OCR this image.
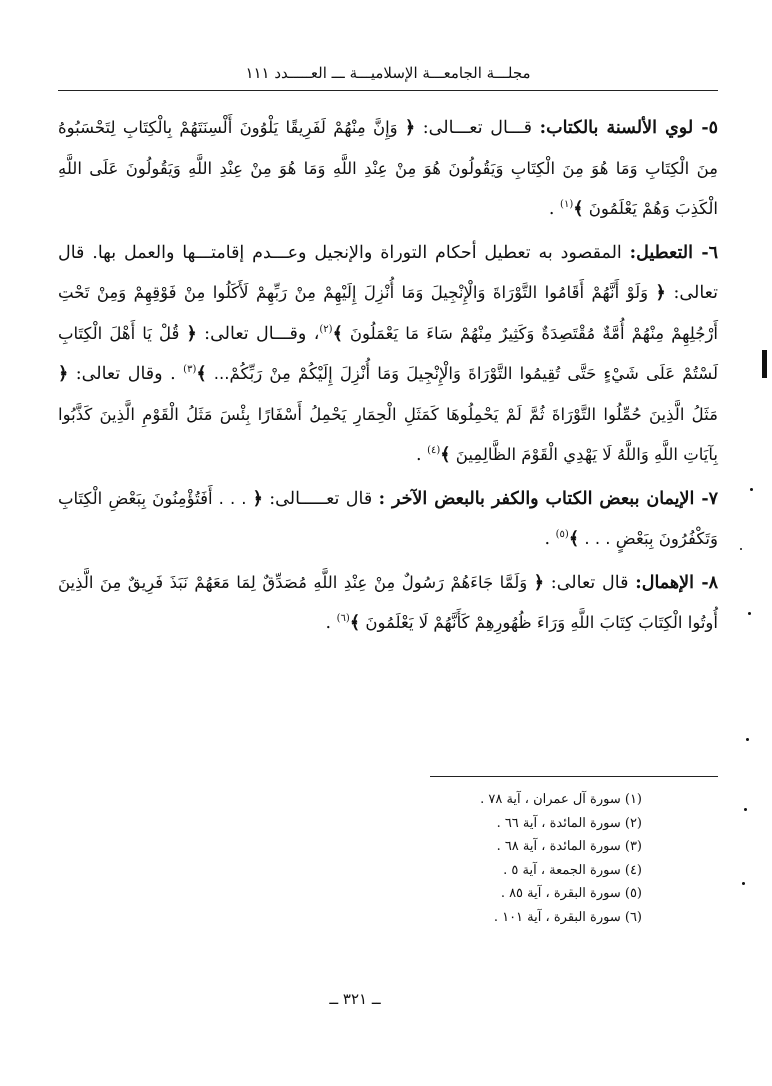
مجلـــة الجامعـــة الإسلاميـــة ـــ العـــــدد ١١١

٥- لوي الألسنة بالكتاب: قـــال تعـــالى: ﴿ وَإِنَّ مِنْهُمْ لَفَرِيقًا يَلْوُونَ أَلْسِنَتَهُمْ بِالْكِتَابِ لِتَحْسَبُوهُ مِنَ الْكِتَابِ وَمَا هُوَ مِنَ الْكِتَابِ وَيَقُولُونَ هُوَ مِنْ عِنْدِ اللَّهِ وَمَا هُوَ مِنْ عِنْدِ اللَّهِ وَيَقُولُونَ عَلَى اللَّهِ الْكَذِبَ وَهُمْ يَعْلَمُونَ ﴾$^{(١)}$ .

٦- التعطيل: المقصود به تعطيل أحكام التوراة والإنجيل وعـــدم إقامتـــها والعمل بها. قال تعالى: ﴿ وَلَوْ أَنَّهُمْ أَقَامُوا التَّوْرَاةَ وَالْإِنْجِيلَ وَمَا أُنْزِلَ إِلَيْهِمْ مِنْ رَبِّهِمْ لَأَكَلُوا مِنْ فَوْقِهِمْ وَمِنْ تَحْتِ أَرْجُلِهِمْ مِنْهُمْ أُمَّةٌ مُقْتَصِدَةٌ وَكَثِيرٌ مِنْهُمْ سَاءَ مَا يَعْمَلُونَ ﴾$^{(٢)}$، وقـــال تعالى: ﴿ قُلْ يَا أَهْلَ الْكِتَابِ لَسْتُمْ عَلَى شَيْءٍ حَتَّى تُقِيمُوا التَّوْرَاةَ وَالْإِنْجِيلَ وَمَا أُنْزِلَ إِلَيْكُمْ مِنْ رَبِّكُمْ... ﴾$^{(٣)}$ . وقال تعالى: ﴿ مَثَلُ الَّذِينَ حُمِّلُوا التَّوْرَاةَ ثُمَّ لَمْ يَحْمِلُوهَا كَمَثَلِ الْحِمَارِ يَحْمِلُ أَسْفَارًا بِئْسَ مَثَلُ الْقَوْمِ الَّذِينَ كَذَّبُوا بِآيَاتِ اللَّهِ وَاللَّهُ لَا يَهْدِي الْقَوْمَ الظَّالِمِينَ ﴾$^{(٤)}$ .

٧- الإيمان ببعض الكتاب والكفر بالبعض الآخر : قال تعـــــالى: ﴿ . . . أَفَتُؤْمِنُونَ بِبَعْضِ الْكِتَابِ وَتَكْفُرُونَ بِبَعْضٍ . . . ﴾$^{(٥)}$ .

٨- الإهمال: قال تعالى: ﴿ وَلَمَّا جَاءَهُمْ رَسُولٌ مِنْ عِنْدِ اللَّهِ مُصَدِّقٌ لِمَا مَعَهُمْ نَبَذَ فَرِيقٌ مِنَ الَّذِينَ أُوتُوا الْكِتَابَ كِتَابَ اللَّهِ وَرَاءَ ظُهُورِهِمْ كَأَنَّهُمْ لَا يَعْلَمُونَ ﴾$^{(٦)}$ .

(١) سورة آل عمران ، آية ٧٨ .
(٢) سورة المائدة ، آية ٦٦ .
(٣) سورة المائدة ، آية ٦٨ .
(٤) سورة الجمعة ، آية ٥ .
(٥) سورة البقرة ، آية ٨٥ .
(٦) سورة البقرة ، آية ١٠١ .
ــ ٣٢١ ــ
